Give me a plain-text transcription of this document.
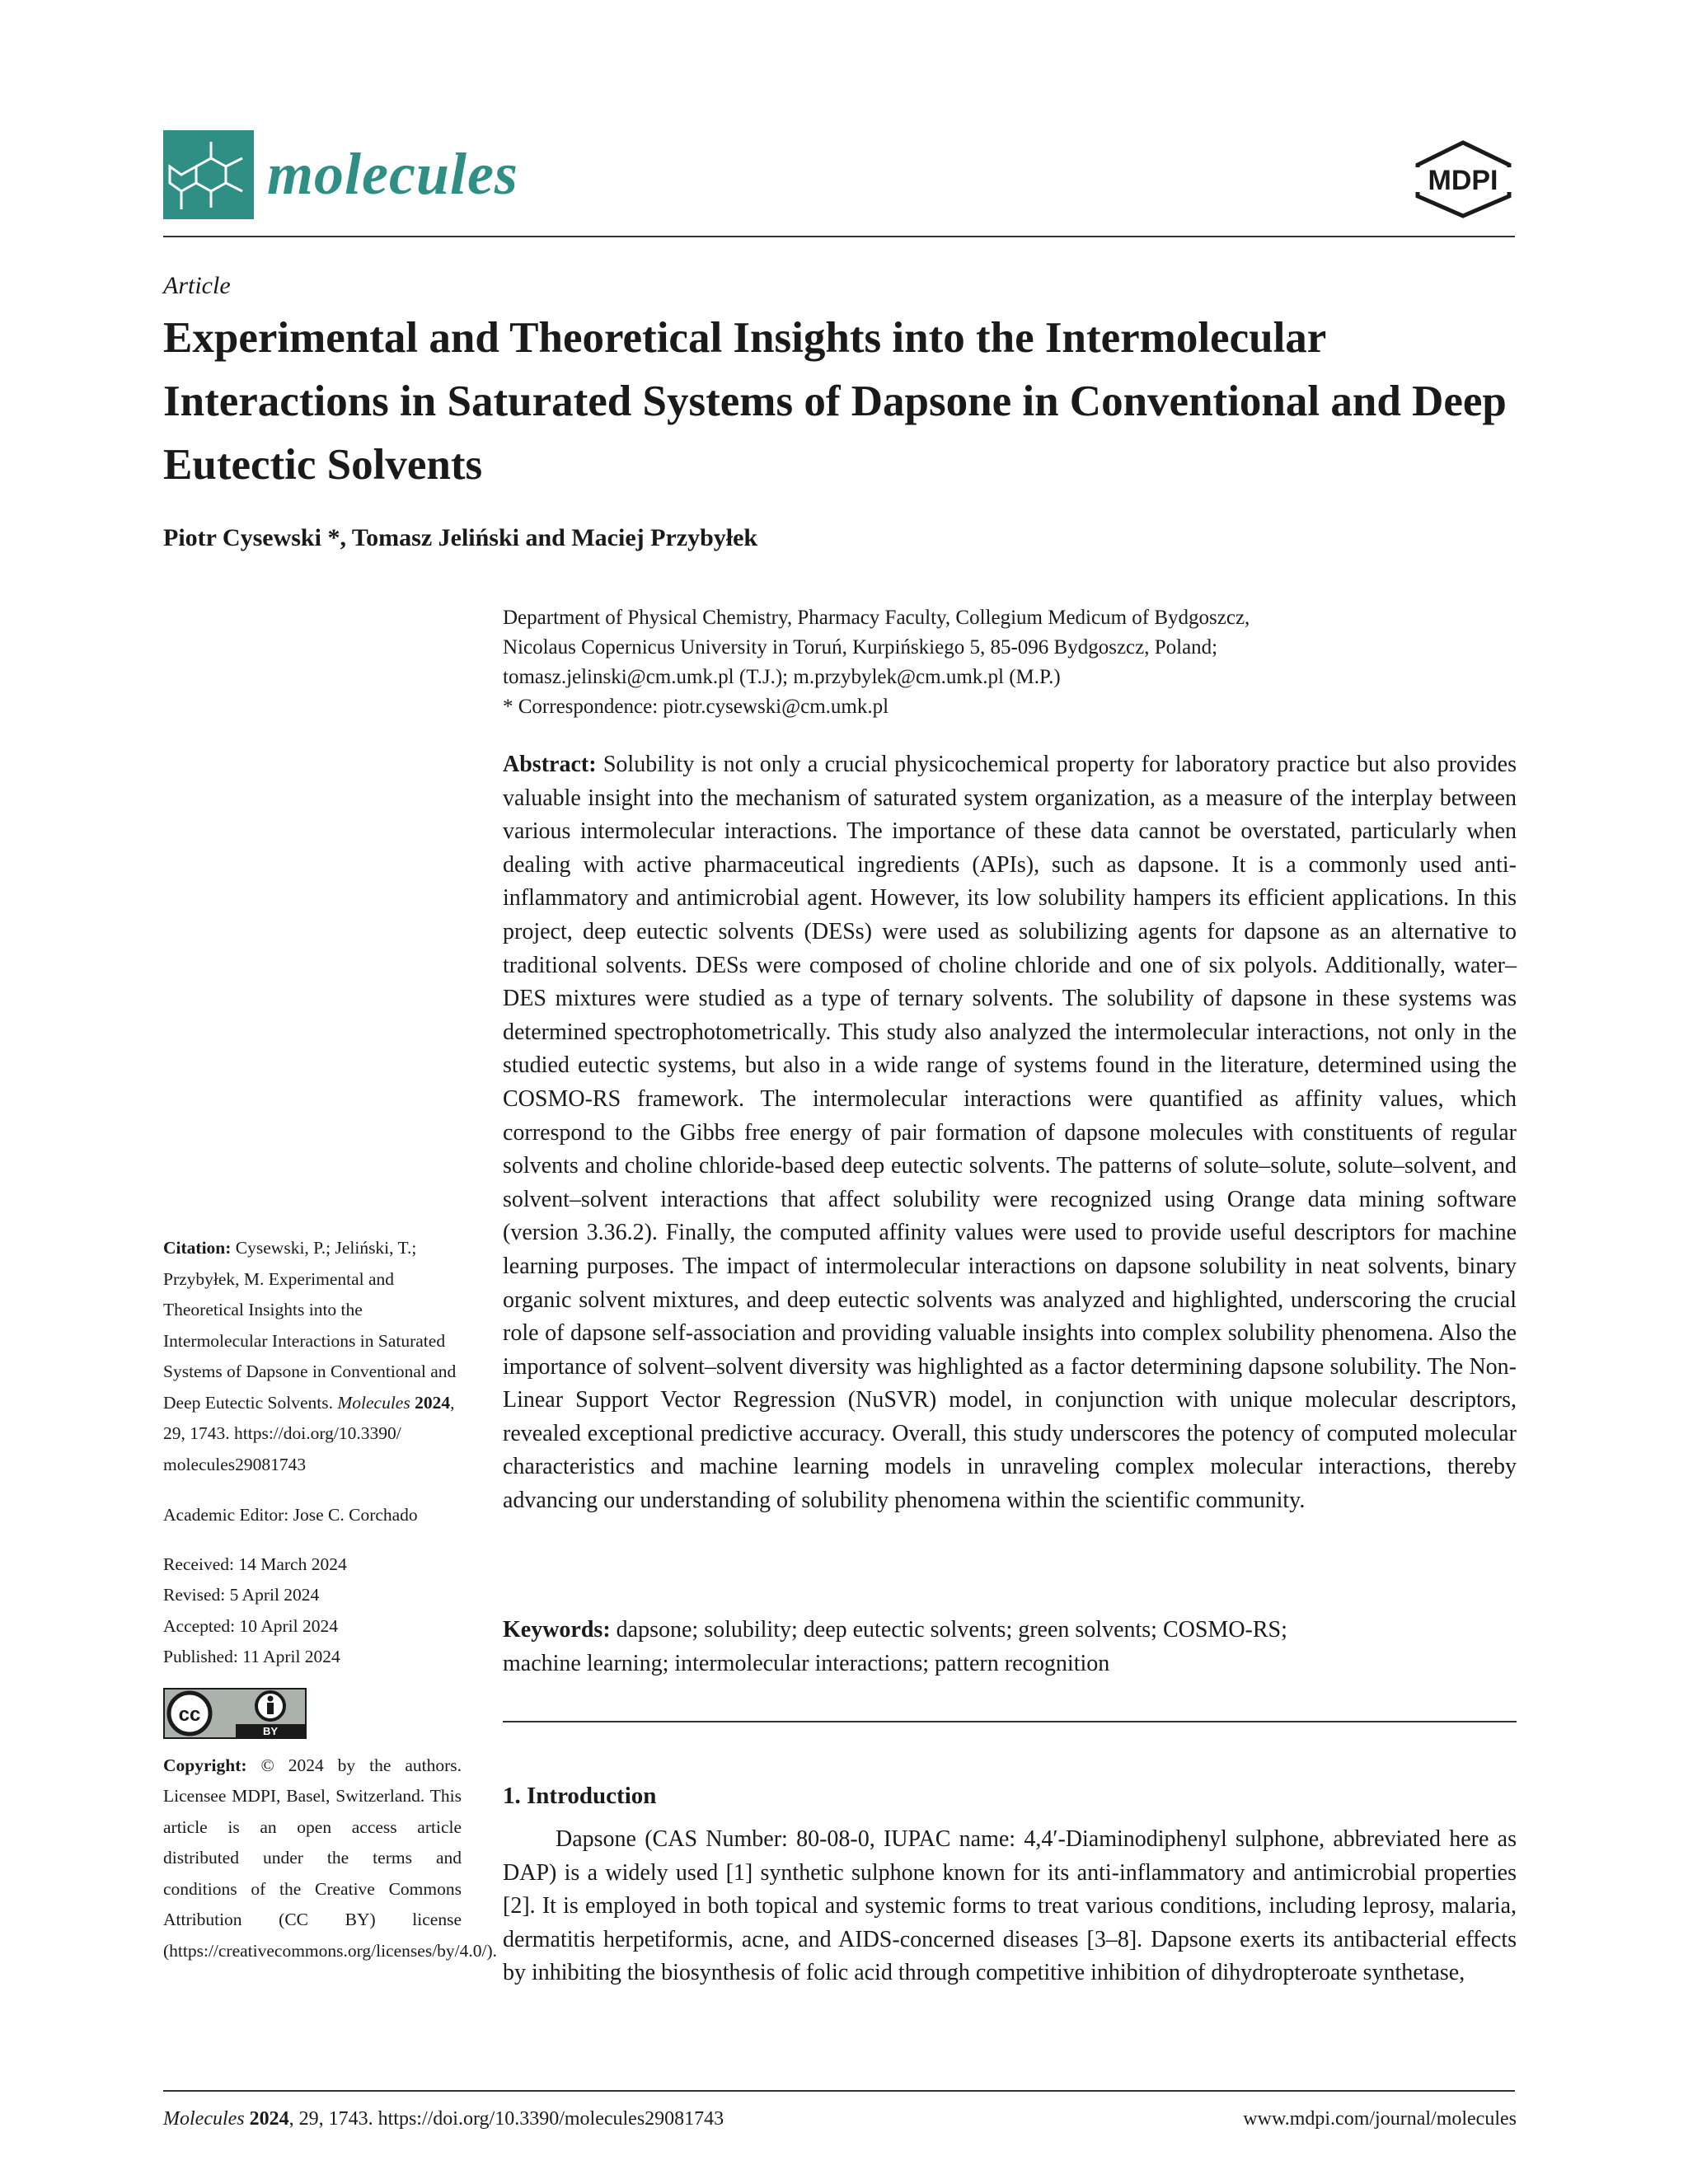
molecules	MDPI
Article
Experimental and Theoretical Insights into the Intermolecular Interactions in Saturated Systems of Dapsone in Conventional and Deep Eutectic Solvents
Piotr Cysewski *, Tomasz Jeliński and Maciej Przybyłek
Department of Physical Chemistry, Pharmacy Faculty, Collegium Medicum of Bydgoszcz,
Nicolaus Copernicus University in Toruń, Kurpińskiego 5, 85-096 Bydgoszcz, Poland;
tomasz.jelinski@cm.umk.pl (T.J.); m.przybylek@cm.umk.pl (M.P.)
* Correspondence: piotr.cysewski@cm.umk.pl

Citation: Cysewski, P.; Jeliński, T.; Przybyłek, M. Experimental and Theoretical Insights into the Intermolecular Interactions in Saturated Systems of Dapsone in Conventional and Deep Eutectic Solvents. Molecules 2024, 29, 1743. https://doi.org/10.3390/ molecules29081743

Academic Editor: Jose C. Corchado
Received: 14 March 2024
Revised: 5 April 2024
Accepted: 10 April 2024
Published: 11 April 2024
cc
BY

Copyright: © 2024 by the authors. Licensee MDPI, Basel, Switzerland. This article is an open access article distributed under the terms and conditions of the Creative Commons Attribution (CC BY) license (https://creativecommons.org/licenses/by/4.0/).

Abstract: Solubility is not only a crucial physicochemical property for laboratory practice but also provides valuable insight into the mechanism of saturated system organization, as a measure of the interplay between various intermolecular interactions. The importance of these data cannot be overstated, particularly when dealing with active pharmaceutical ingredients (APIs), such as dapsone. It is a commonly used anti-inflammatory and antimicrobial agent. However, its low solubility hampers its efficient applications. In this project, deep eutectic solvents (DESs) were used as solubilizing agents for dapsone as an alternative to traditional solvents. DESs were composed of choline chloride and one of six polyols. Additionally, water–DES mixtures were studied as a type of ternary solvents. The solubility of dapsone in these systems was determined spectrophotometrically. This study also analyzed the intermolecular interactions, not only in the studied eutectic systems, but also in a wide range of systems found in the literature, determined using the COSMO-RS framework. The intermolecular interactions were quantified as affinity values, which correspond to the Gibbs free energy of pair formation of dapsone molecules with constituents of regular solvents and choline chloride-based deep eutectic solvents. The patterns of solute–solute, solute–solvent, and solvent–solvent interactions that affect solubility were recognized using Orange data mining software (version 3.36.2). Finally, the computed affinity values were used to provide useful descriptors for machine learning purposes. The impact of intermolecular interactions on dapsone solubility in neat solvents, binary organic solvent mixtures, and deep eutectic solvents was analyzed and highlighted, underscoring the crucial role of dapsone self-association and providing valuable insights into complex solubility phenomena. Also the importance of solvent–solvent diversity was highlighted as a factor determining dapsone solubility. The Non-Linear Support Vector Regression (NuSVR) model, in conjunction with unique molecular descriptors, revealed exceptional predictive accuracy. Overall, this study underscores the potency of computed molecular characteristics and machine learning models in unraveling complex molecular interactions, thereby advancing our understanding of solubility phenomena within the scientific community.
Keywords: dapsone; solubility; deep eutectic solvents; green solvents; COSMO-RS;
machine learning; intermolecular interactions; pattern recognition
1. Introduction
Dapsone (CAS Number: 80-08-0, IUPAC name: 4,4′-Diaminodiphenyl sulphone, abbreviated here as DAP) is a widely used [1] synthetic sulphone known for its anti-inflammatory and antimicrobial properties [2]. It is employed in both topical and systemic forms to treat various conditions, including leprosy, malaria, dermatitis herpetiformis, acne, and AIDS-concerned diseases [3–8]. Dapsone exerts its antibacterial effects by inhibiting the biosynthesis of folic acid through competitive inhibition of dihydropteroate synthetase,
Molecules 2024, 29, 1743. https://doi.org/10.3390/molecules29081743	www.mdpi.com/journal/molecules
